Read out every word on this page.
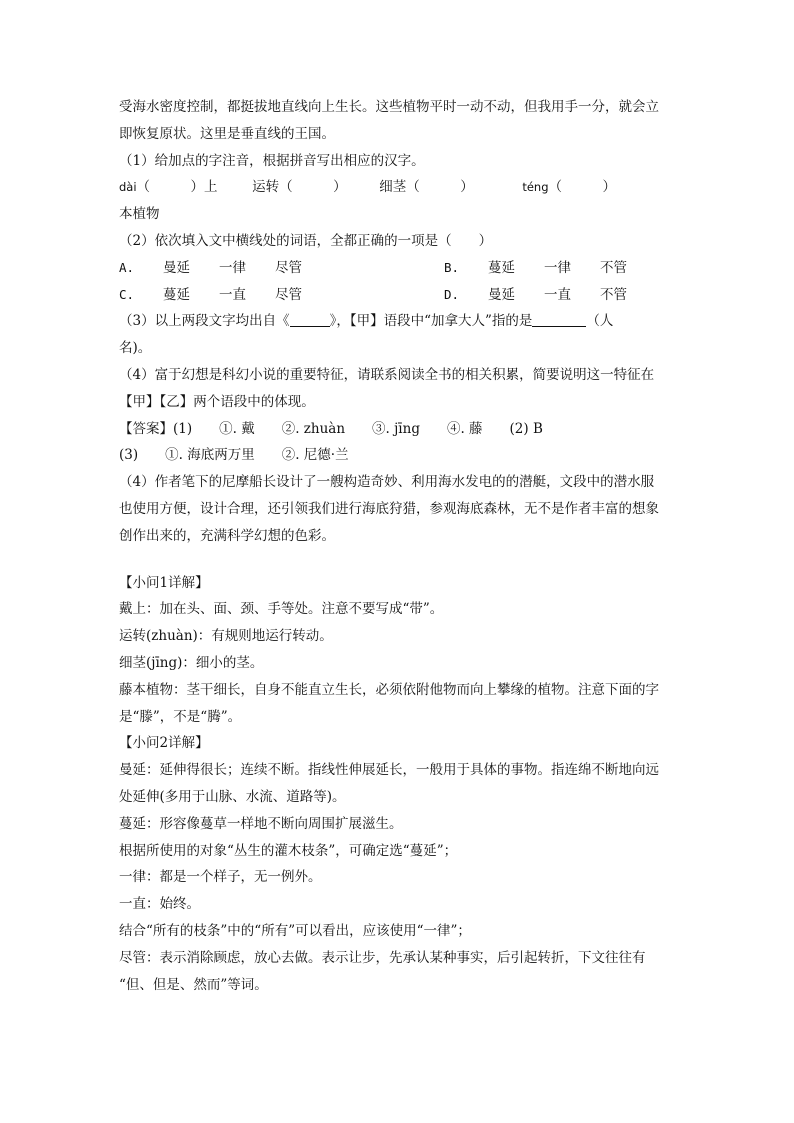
受海水密度控制，都挺拔地直线向上生长。这些植物平时一动不动，但我用手一分，就会立
即恢复原状。这里是垂直线的王国。
（1）给加点的字注音，根据拼音写出相应的汉字。
dài（　　　）上	运转（　　　） 细茎（　　　）	téng（　　　）
本植物
（2）依次填入文中横线处的词语，全都正确的一项是（　　）
A. 曼延 一律 尽管	B. 蔓延 一律 不管
C. 蔓延 一直 尽管	D. 曼延 一直 不管
（3）以上两段文字均出自《	》，【甲】语段中“加拿大人”指的是	（人
名)。
（4）富于幻想是科幻小说的重要特征，请联系阅读全书的相关积累，简要说明这一特征在
【甲】【乙】两个语段中的体现。
【答案】(1)　　①. 戴　　②. zhuàn　　③. jīng　　④. 藤　　(2) B
(3)　　①. 海底两万里　　②. 尼德·兰
（4）作者笔下的尼摩船长设计了一艘构造奇妙、利用海水发电的的潜艇，文段中的潜水服
也使用方便，设计合理，还引领我们进行海底狩猎，参观海底森林，无不是作者丰富的想象
创作出来的，充满科学幻想的色彩。
【小问1详解】
戴上：加在头、面、颈、手等处。注意不要写成“带”。
运转(zhuàn)：有规则地运行转动。
细茎(jīng)：细小的茎。
藤本植物：茎干细长，自身不能直立生长，必须依附他物而向上攀缘的植物。注意下面的字
是“滕”，不是“腾”。
【小问2详解】
曼延：延伸得很长；连续不断。指线性伸展延长，一般用于具体的事物。指连绵不断地向远
处延伸(多用于山脉、水流、道路等)。
蔓延：形容像蔓草一样地不断向周围扩展滋生。
根据所使用的对象“丛生的灌木枝条”，可确定选“蔓延”；
一律：都是一个样子，无一例外。
一直：始终。
结合“所有的枝条”中的“所有”可以看出，应该使用“一律”；
尽管：表示消除顾虑，放心去做。表示让步，先承认某种事实，后引起转折，下文往往有
“但、但是、然而”等词。
